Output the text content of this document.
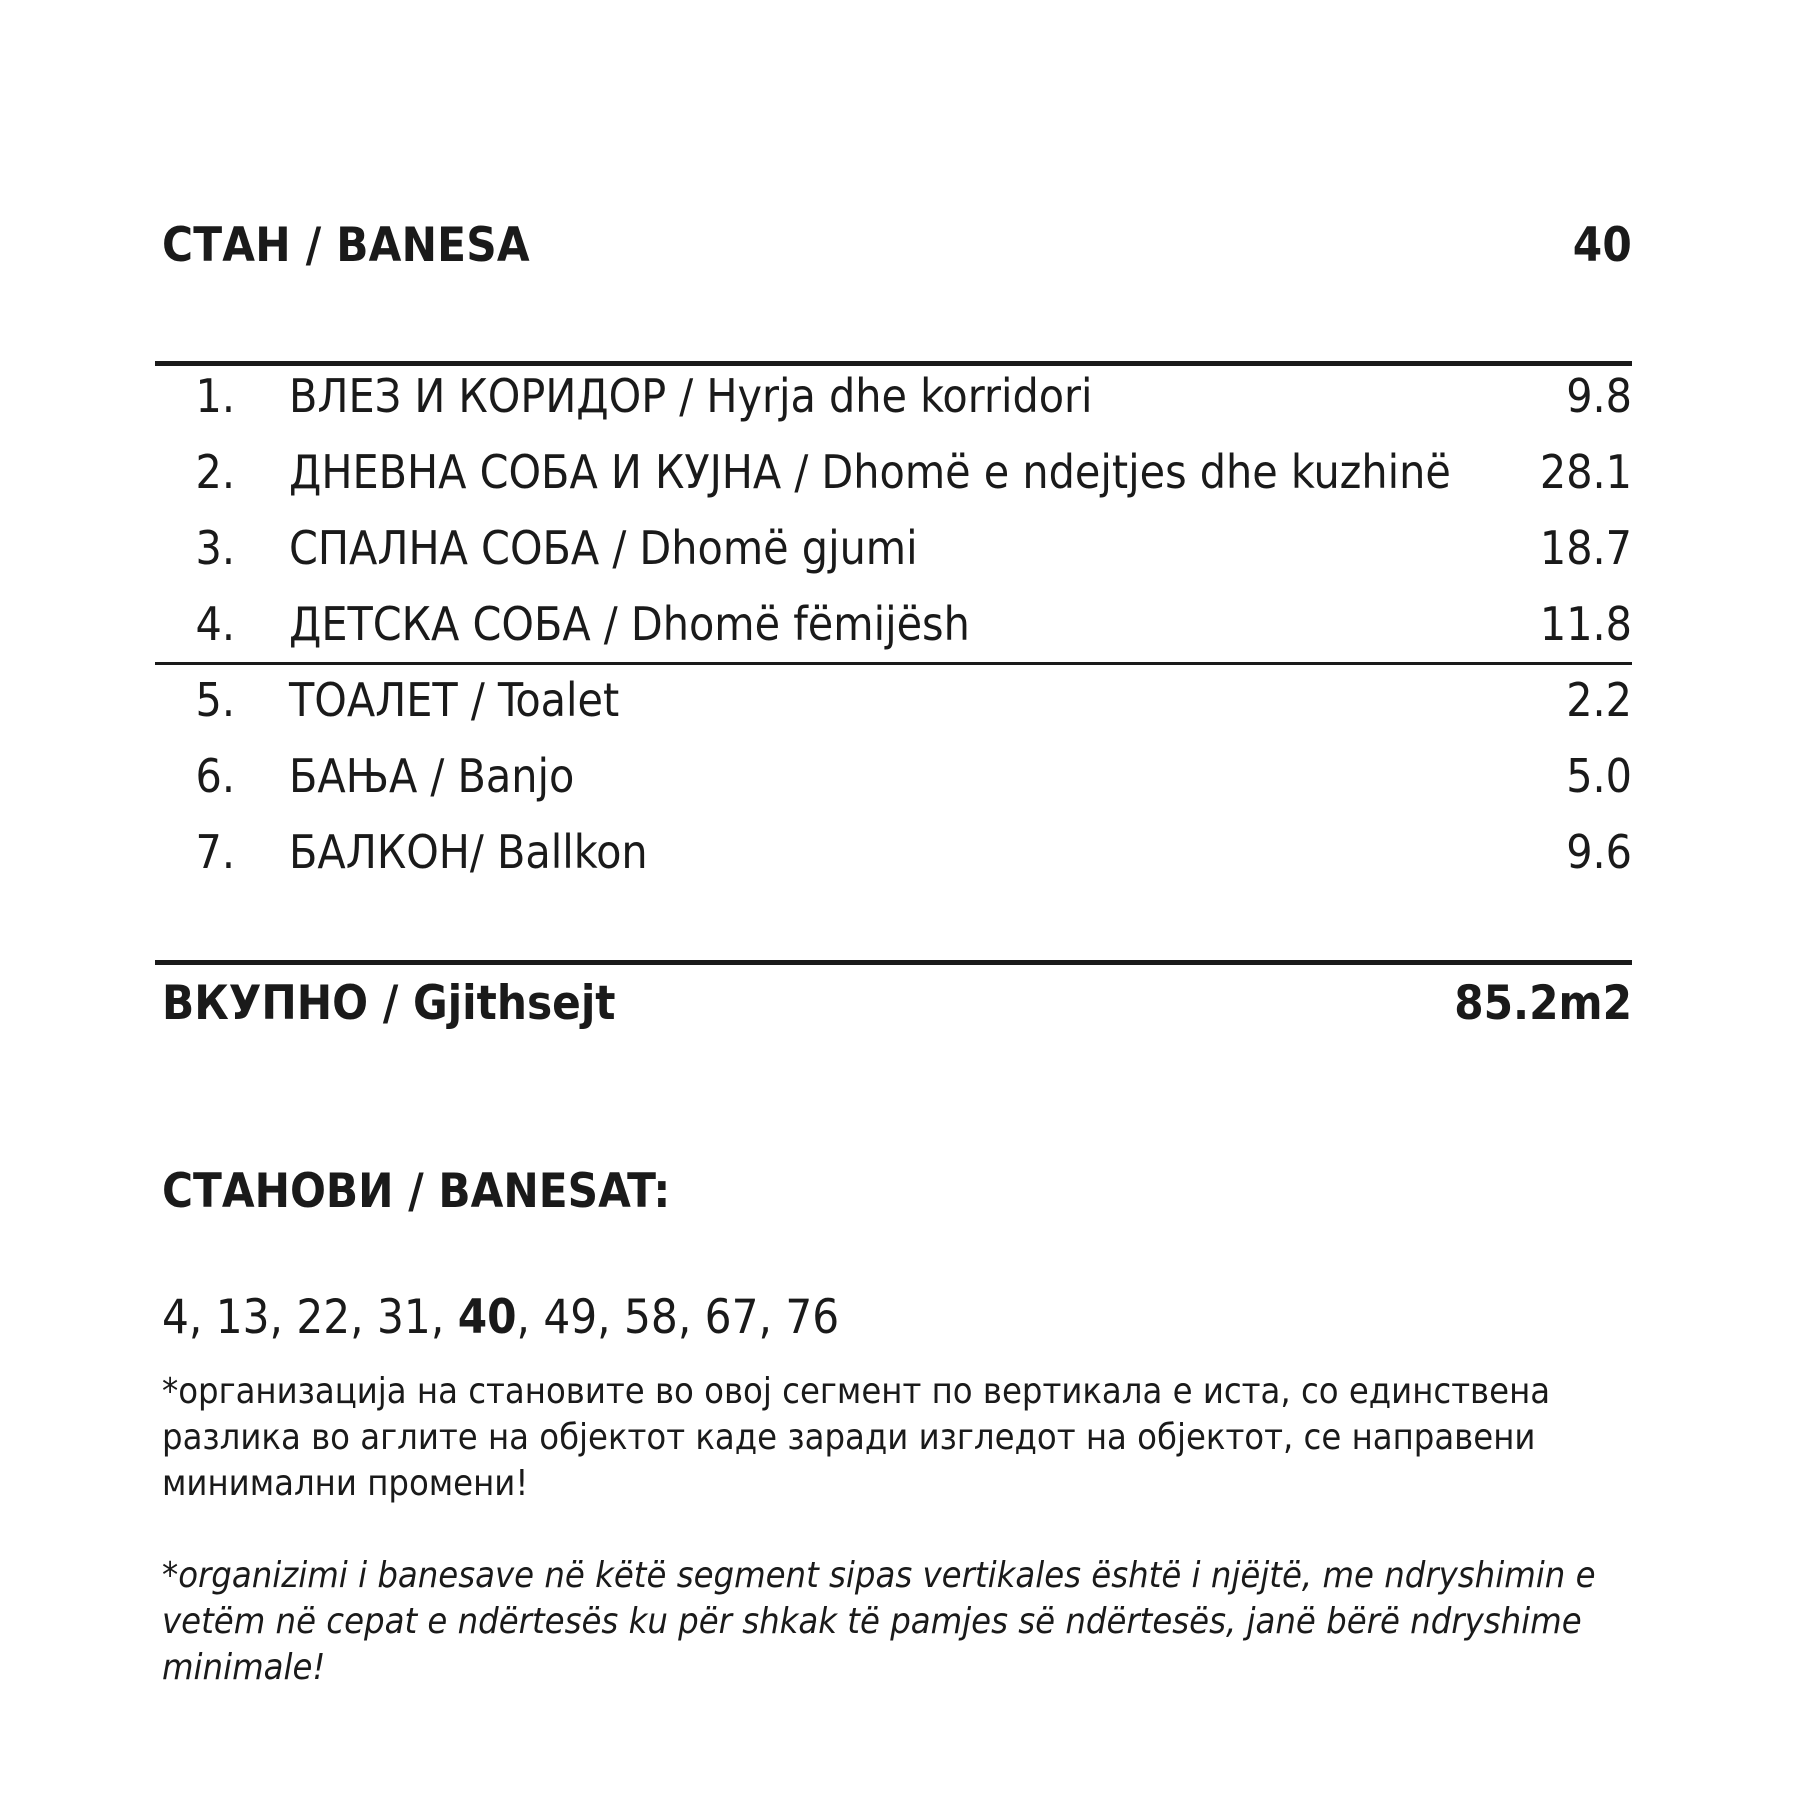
СТАН / BANESA	40
1. ВЛЕЗ И КОРИДОР / Hyrja dhe korridori	9.8
2. ДНЕВНА СОБА И КУЈНА / Dhomë e ndejtjes dhe kuzhinë 28.1
3. СПАЛНА СОБА / Dhomë gjumi	18.7
4. ДЕТСКА СОБА / Dhomë fëmijësh	11.8
5. ТОАЛЕТ / Toalet	2.2
6. БАЊА / Banjo	5.0
7. БАЛКОН/ Ballkon	9.6
ВКУПНО / Gjithsejt	85.2m2
СТАНОВИ / BANESAT:
4, 13, 22, 31, 40, 49, 58, 67, 76
*организација на становите во овој сегмент по вертикала е иста, со единствена разлика во аглите на објектот каде заради изгледот на објектот, се направени минимални промени!
*organizimi i banesave në këtë segment sipas vertikales është i njëjtë, me ndryshimin e vetëm në cepat e ndërtesës ku për shkak të pamjes së ndërtesës, janë bërë ndryshime minimale!
